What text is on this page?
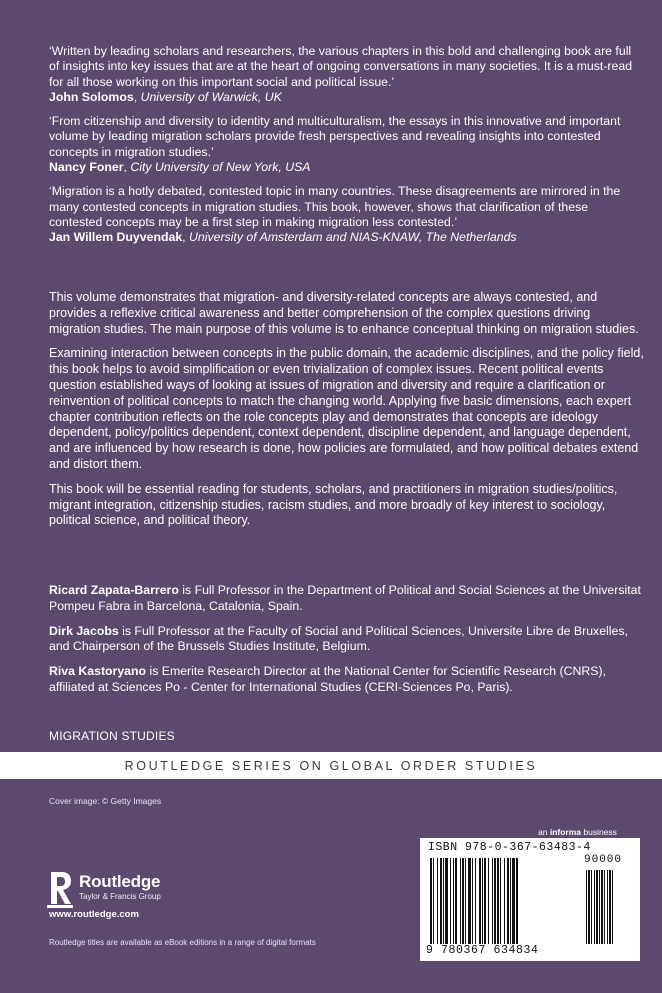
‘Written by leading scholars and researchers, the various chapters in this bold and challenging book are full of insights into key issues that are at the heart of ongoing conversations in many societies. It is a must-read for all those working on this important social and political issue.’
John Solomos, University of Warwick, UK

‘From citizenship and diversity to identity and multiculturalism, the essays in this innovative and important volume by leading migration scholars provide fresh perspectives and revealing insights into contested concepts in migration studies.’
Nancy Foner, City University of New York, USA

‘Migration is a hotly debated, contested topic in many countries. These disagreements are mirrored in the many contested concepts in migration studies. This book, however, shows that clarification of these contested concepts may be a first step in making migration less contested.’
Jan Willem Duyvendak, University of Amsterdam and NIAS-KNAW, The Netherlands

This volume demonstrates that migration- and diversity-related concepts are always contested, and provides a reflexive critical awareness and better comprehension of the complex questions driving migration studies. The main purpose of this volume is to enhance conceptual thinking on migration studies.

Examining interaction between concepts in the public domain, the academic disciplines, and the policy field, this book helps to avoid simplification or even trivialization of complex issues. Recent political events question established ways of looking at issues of migration and diversity and require a clarification or reinvention of political concepts to match the changing world. Applying five basic dimensions, each expert chapter contribution reflects on the role concepts play and demonstrates that concepts are ideology dependent, policy/politics dependent, context dependent, discipline dependent, and language dependent, and are influenced by how research is done, how policies are formulated, and how political debates extend and distort them.

This book will be essential reading for students, scholars, and practitioners in migration studies/politics, migrant integration, citizenship studies, racism studies, and more broadly of key interest to sociology, political science, and political theory.

Ricard Zapata-Barrero is Full Professor in the Department of Political and Social Sciences at the Universitat Pompeu Fabra in Barcelona, Catalonia, Spain.

Dirk Jacobs is Full Professor at the Faculty of Social and Political Sciences, Universite Libre de Bruxelles, and Chairperson of the Brussels Studies Institute, Belgium.

Riva Kastoryano is Emerite Research Director at the National Center for Scientific Research (CNRS), affiliated at Sciences Po - Center for International Studies (CERI-Sciences Po, Paris).

MIGRATION STUDIES
ROUTLEDGE SERIES ON GLOBAL ORDER STUDIES
Cover image: © Getty Images
Routledge
Taylor & Francis Group
www.routledge.com
Routledge titles are available as eBook editions in a range of digital formats
an informa business
ISBN 978-0-367-63483-4
90000
9 780367 634834
